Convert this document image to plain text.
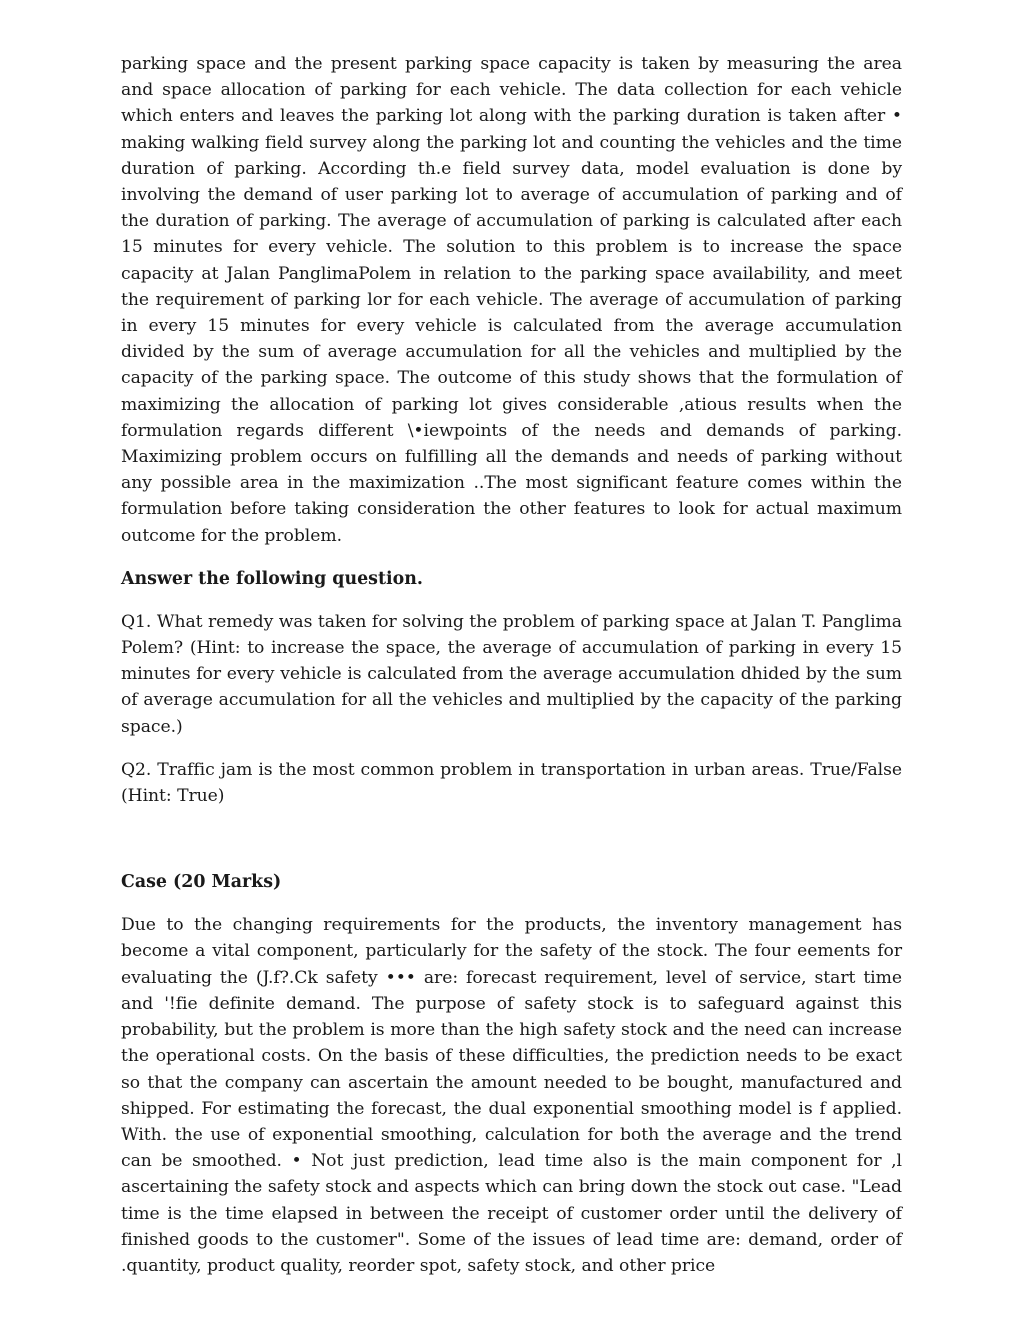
parking space and the present parking space capacity is taken by measuring the area and space allocation of parking for each vehicle. The data collection for each vehicle which enters and leaves the parking lot along with the parking duration is taken after • making walking field survey along the parking lot and counting the vehicles and the time duration of parking. According th.e field survey data, model evaluation is done by involving the demand of user parking lot to average of accumulation of parking and of the duration of parking. The average of accumulation of parking is calculated after each 15 minutes for every vehicle. The solution to this problem is to increase the space capacity at Jalan PanglimaPolem in relation to the parking space availability, and meet the requirement of parking lor for each vehicle. The average of accumulation of parking in every 15 minutes for every vehicle is calculated from the average accumulation divided by the sum of average accumulation for all the vehicles and multiplied by the capacity of the parking space. The outcome of this study shows that the formulation of maximizing the allocation of parking lot gives considerable ,atious results when the formulation regards different \•iewpoints of the needs and demands of parking. Maximizing problem occurs on fulfilling all the demands and needs of parking without any possible area in the maximization ..The most significant feature comes within the formulation before taking consideration the other features to look for actual maximum outcome for the problem.

Answer the following question.

Q1. What remedy was taken for solving the problem of parking space at Jalan T. Panglima Polem? (Hint: to increase the space, the average of accumulation of parking in every 15 minutes for every vehicle is calculated from the average accumulation dhided by the sum of average accumulation for all the vehicles and multiplied by the capacity of the parking space.)

Q2. Traffic jam is the most common problem in transportation in urban areas. True/False (Hint: True)

Case (20 Marks)

Due to the changing requirements for the products, the inventory management has become a vital component, particularly for the safety of the stock. The four eements for evaluating the (J.f?.Ck safety ••• are: forecast requirement, level of service, start time and '!fie definite demand. The purpose of safety stock is to safeguard against this probability, but the problem is more than the high safety stock and the need can increase the operational costs. On the basis of these difficulties, the prediction needs to be exact so that the company can ascertain the amount needed to be bought, manufactured and shipped. For estimating the forecast, the dual exponential smoothing model is f applied. With. the use of exponential smoothing, calculation for both the average and the trend can be smoothed. • Not just prediction, lead time also is the main component for ,l ascertaining the safety stock and aspects which can bring down the stock out case. "Lead time is the time elapsed in between the receipt of customer order until the delivery of finished goods to the customer". Some of the issues of lead time are: demand, order of .quantity, product quality, reorder spot, safety stock, and other price
